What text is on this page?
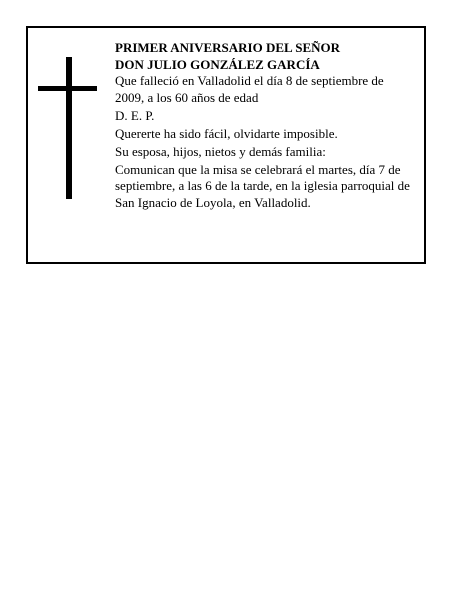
PRIMER ANIVERSARIO DEL SEÑOR

DON JULIO GONZÁLEZ GARCÍA

Que falleció en Valladolid el día 8 de septiembre de 2009, a los 60 años de edad

D. E. P.

Quererte ha sido fácil, olvidarte imposible.

Su esposa, hijos, nietos y demás familia:

Comunican que la misa se celebrará el martes, día 7 de septiembre, a las 6 de la tarde, en la iglesia parroquial de San Ignacio de Loyola, en Valladolid.
